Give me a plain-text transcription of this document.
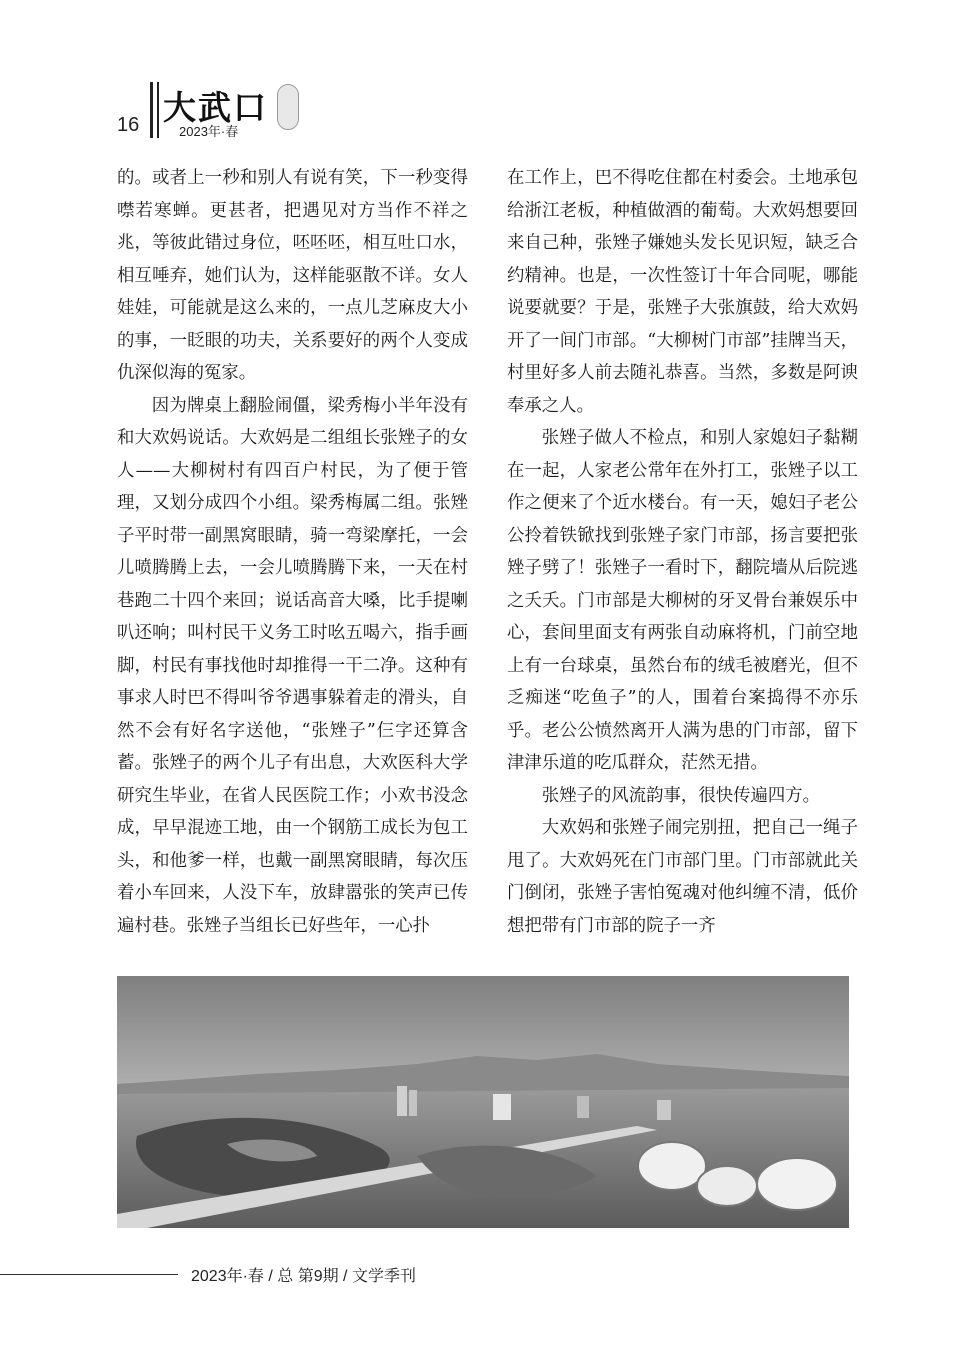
16 大武口
2023年·春

的。或者上一秒和别人有说有笑，下一秒变得噤若寒蝉。更甚者，把遇见对方当作不祥之兆，等彼此错过身位，呸呸呸，相互吐口水，相互唾弃，她们认为，这样能驱散不详。女人娃娃，可能就是这么来的，一点儿芝麻皮大小的事，一眨眼的功夫，关系要好的两个人变成仇深似海的冤家。

因为牌桌上翻脸闹僵，梁秀梅小半年没有和大欢妈说话。大欢妈是二组组长张矬子的女人——大柳树村有四百户村民，为了便于管理，又划分成四个小组。梁秀梅属二组。张矬子平时带一副黑窝眼睛，骑一弯梁摩托，一会儿喷腾腾上去，一会儿喷腾腾下来，一天在村巷跑二十四个来回；说话高音大嗓，比手提喇叭还响；叫村民干义务工时吆五喝六，指手画脚，村民有事找他时却推得一干二净。这种有事求人时巴不得叫爷爷遇事躲着走的滑头，自然不会有好名字送他，“张矬子”仨字还算含蓄。张矬子的两个儿子有出息，大欢医科大学研究生毕业，在省人民医院工作；小欢书没念成，早早混迹工地，由一个钢筋工成长为包工头，和他爹一样，也戴一副黑窝眼睛，每次压着小车回来，人没下车，放肆嚣张的笑声已传遍村巷。张矬子当组长已好些年，一心扑

在工作上，巴不得吃住都在村委会。土地承包给浙江老板，种植做酒的葡萄。大欢妈想要回来自己种，张矬子嫌她头发长见识短，缺乏合约精神。也是，一次性签订十年合同呢，哪能说要就要？于是，张矬子大张旗鼓，给大欢妈开了一间门市部。“大柳树门市部”挂牌当天，村里好多人前去随礼恭喜。当然，多数是阿谀奉承之人。

张矬子做人不检点，和别人家媳妇子黏糊在一起，人家老公常年在外打工，张矬子以工作之便来了个近水楼台。有一天，媳妇子老公公拎着铁锨找到张矬子家门市部，扬言要把张矬子劈了！张矬子一看时下，翻院墙从后院逃之夭夭。门市部是大柳树的牙叉骨台兼娱乐中心，套间里面支有两张自动麻将机，门前空地上有一台球桌，虽然台布的绒毛被磨光，但不乏痴迷“吃鱼子”的人，围着台案捣得不亦乐乎。老公公愤然离开人满为患的门市部，留下津津乐道的吃瓜群众，茫然无措。

张矬子的风流韵事，很快传遍四方。

大欢妈和张矬子闹完别扭，把自己一绳子甩了。大欢妈死在门市部门里。门市部就此关门倒闭，张矬子害怕冤魂对他纠缠不清，低价想把带有门市部的院子一齐

2023年·春 / 总 第9期 / 文学季刊
